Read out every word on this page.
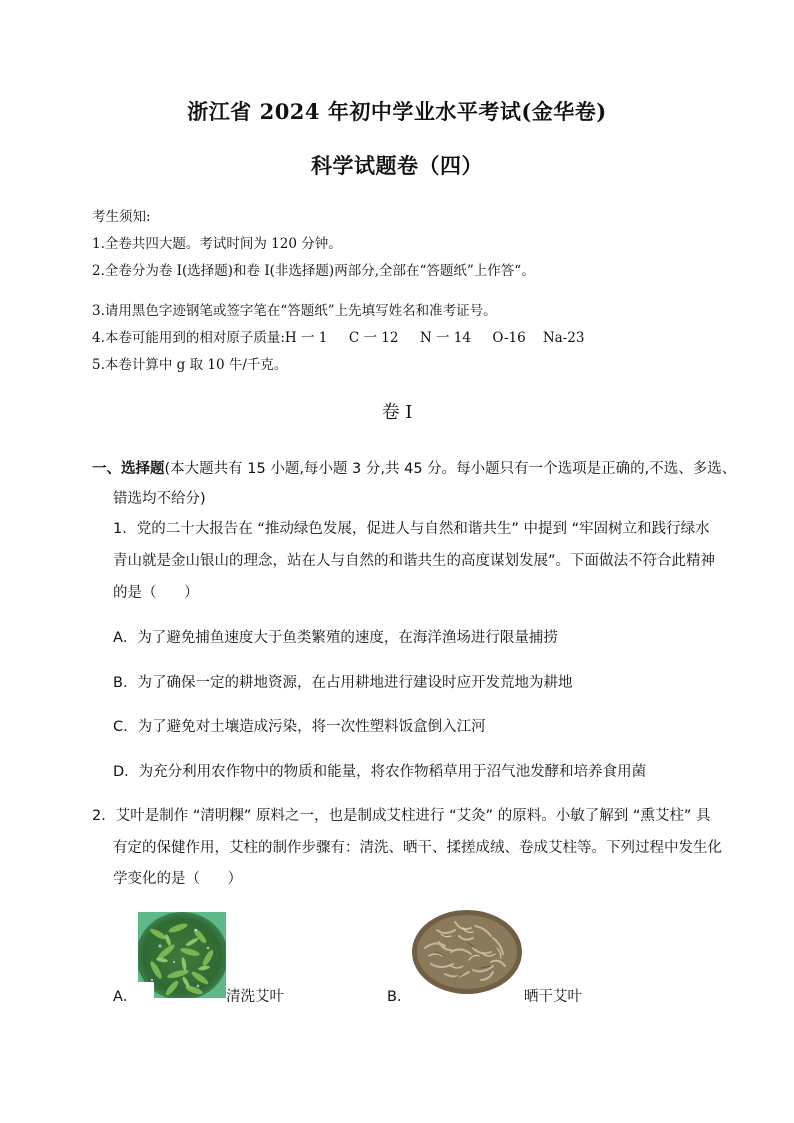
浙江省 2024 年初中学业水平考试(金华卷)
科学试题卷（四）
考生须知:
1.全卷共四大题。考试时间为 120 分钟。
2.全卷分为卷 I(选择题)和卷 I(非选择题)两部分,全部在“答题纸”上作答“。
3.请用黑色字迹钢笔或签字笔在“答题纸”上先填写姓名和准考证号。
4.本卷可能用到的相对原子质量:H 一 1     C 一 12     N 一 14     O-16    Na-23
5.本卷计算中 g 取 10 牛/千克。
卷 I
一、选择题(本大题共有 15 小题,每小题 3 分,共 45 分。每小题只有一个选项是正确的,不选、多选、
错选均不给分)
1．党的二十大报告在 “推动绿色发展，促进人与自然和谐共生” 中提到 “牢固树立和践行绿水
青山就是金山银山的理念，站在人与自然的和谐共生的高度谋划发展”。下面做法不符合此精神
的是（      ）
A．为了避免捕鱼速度大于鱼类繁殖的速度，在海洋渔场进行限量捕捞
B．为了确保一定的耕地资源，在占用耕地进行建设时应开发荒地为耕地
C．为了避免对土壤造成污染，将一次性塑料饭盒倒入江河
D．为充分利用农作物中的物质和能量，将农作物稻草用于沼气池发酵和培养食用菌
2．艾叶是制作 “清明粿” 原料之一，也是制成艾柱进行 “艾灸” 的原料。小敏了解到 “熏艾柱” 具
有定的保健作用，艾柱的制作步骤有：清洗、晒干、揉搓成绒、卷成艾柱等。下列过程中发生化
学变化的是（      ）
A．	清洗艾叶	B．	晒干艾叶
